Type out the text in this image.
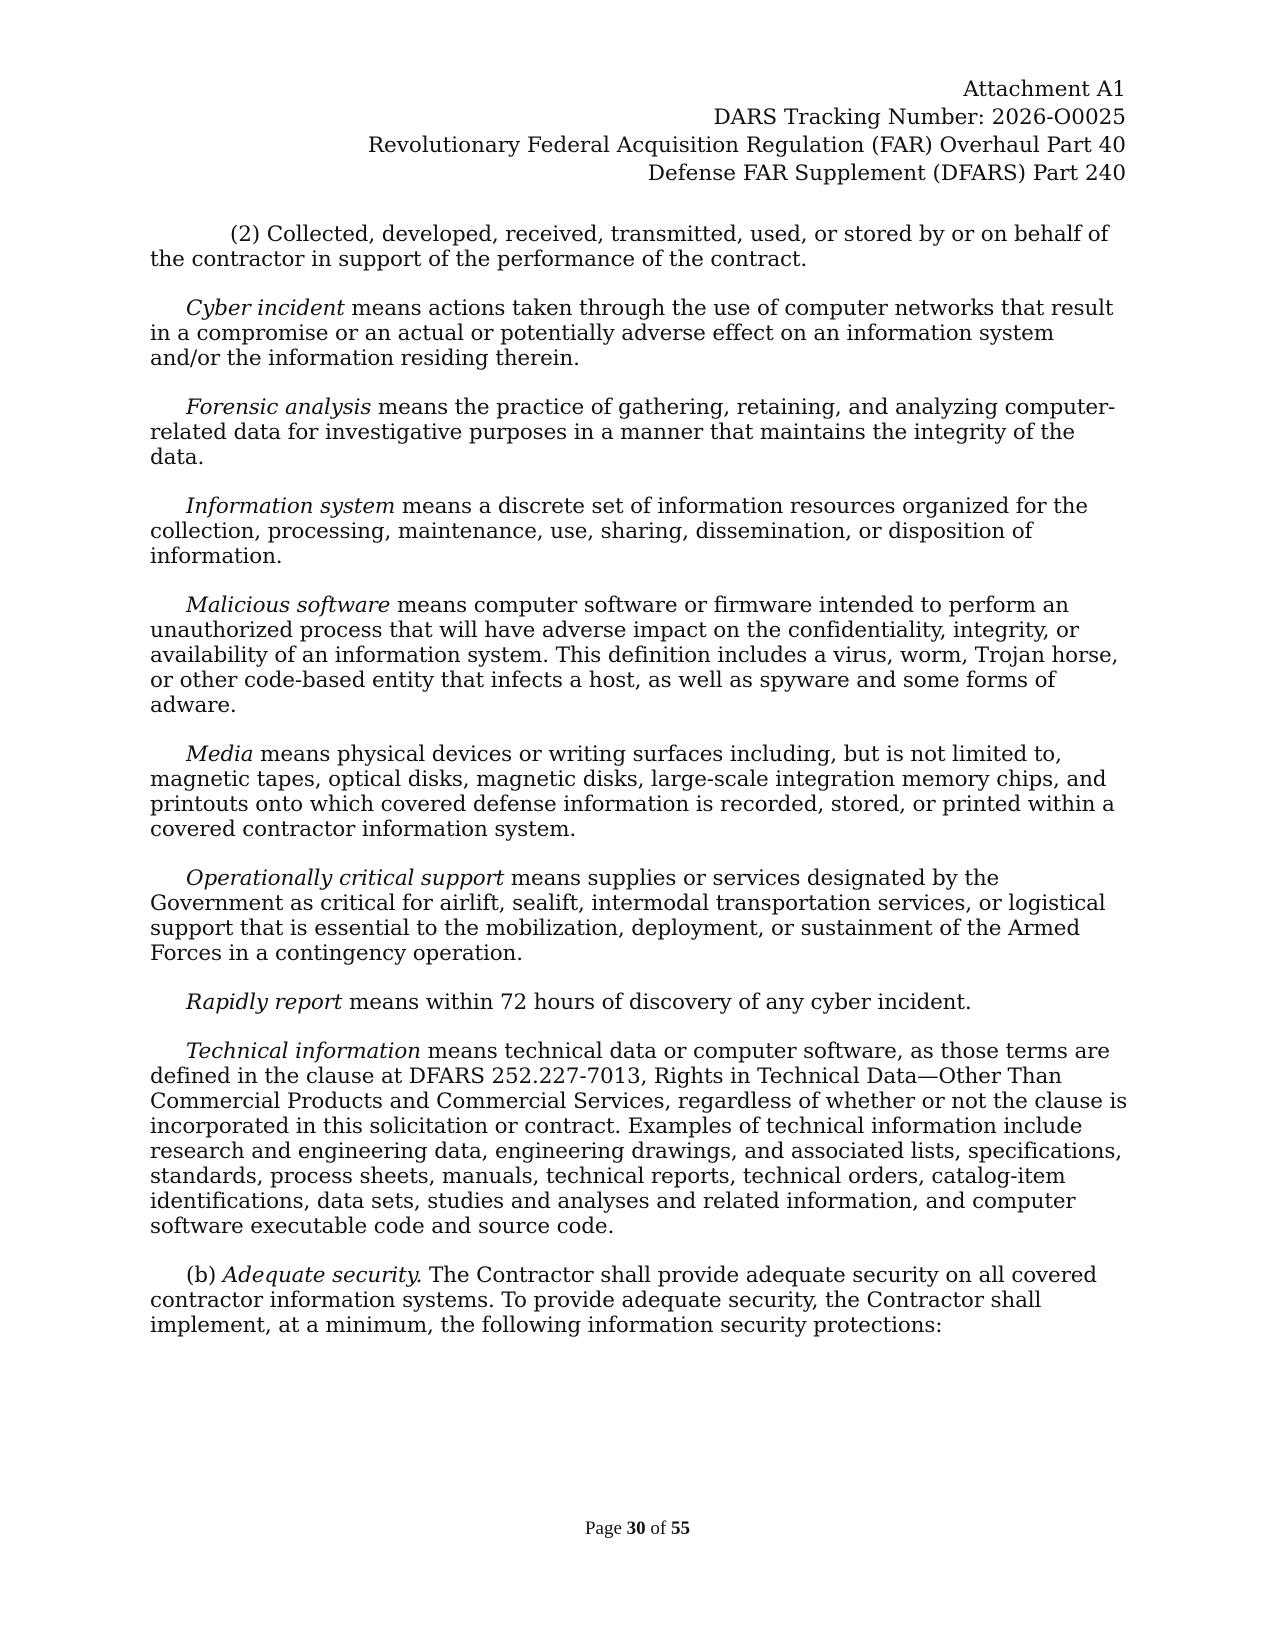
Attachment A1
DARS Tracking Number: 2026-O0025
Revolutionary Federal Acquisition Regulation (FAR) Overhaul Part 40
Defense FAR Supplement (DFARS) Part 240

(2) Collected, developed, received, transmitted, used, or stored by or on behalf of the contractor in support of the performance of the contract.

Cyber incident means actions taken through the use of computer networks that result in a compromise or an actual or potentially adverse effect on an information system and/or the information residing therein.

Forensic analysis means the practice of gathering, retaining, and analyzing computer-related data for investigative purposes in a manner that maintains the integrity of the data.

Information system means a discrete set of information resources organized for the collection, processing, maintenance, use, sharing, dissemination, or disposition of information.

Malicious software means computer software or firmware intended to perform an unauthorized process that will have adverse impact on the confidentiality, integrity, or availability of an information system. This definition includes a virus, worm, Trojan horse, or other code-based entity that infects a host, as well as spyware and some forms of adware.

Media means physical devices or writing surfaces including, but is not limited to, magnetic tapes, optical disks, magnetic disks, large-scale integration memory chips, and printouts onto which covered defense information is recorded, stored, or printed within a covered contractor information system.

Operationally critical support means supplies or services designated by the Government as critical for airlift, sealift, intermodal transportation services, or logistical support that is essential to the mobilization, deployment, or sustainment of the Armed Forces in a contingency operation.

Rapidly report means within 72 hours of discovery of any cyber incident.

Technical information means technical data or computer software, as those terms are defined in the clause at DFARS 252.227-7013, Rights in Technical Data—Other Than Commercial Products and Commercial Services, regardless of whether or not the clause is incorporated in this solicitation or contract. Examples of technical information include research and engineering data, engineering drawings, and associated lists, specifications, standards, process sheets, manuals, technical reports, technical orders, catalog-item identifications, data sets, studies and analyses and related information, and computer software executable code and source code.

(b) Adequate security. The Contractor shall provide adequate security on all covered contractor information systems. To provide adequate security, the Contractor shall implement, at a minimum, the following information security protections:

Page 30 of 55
